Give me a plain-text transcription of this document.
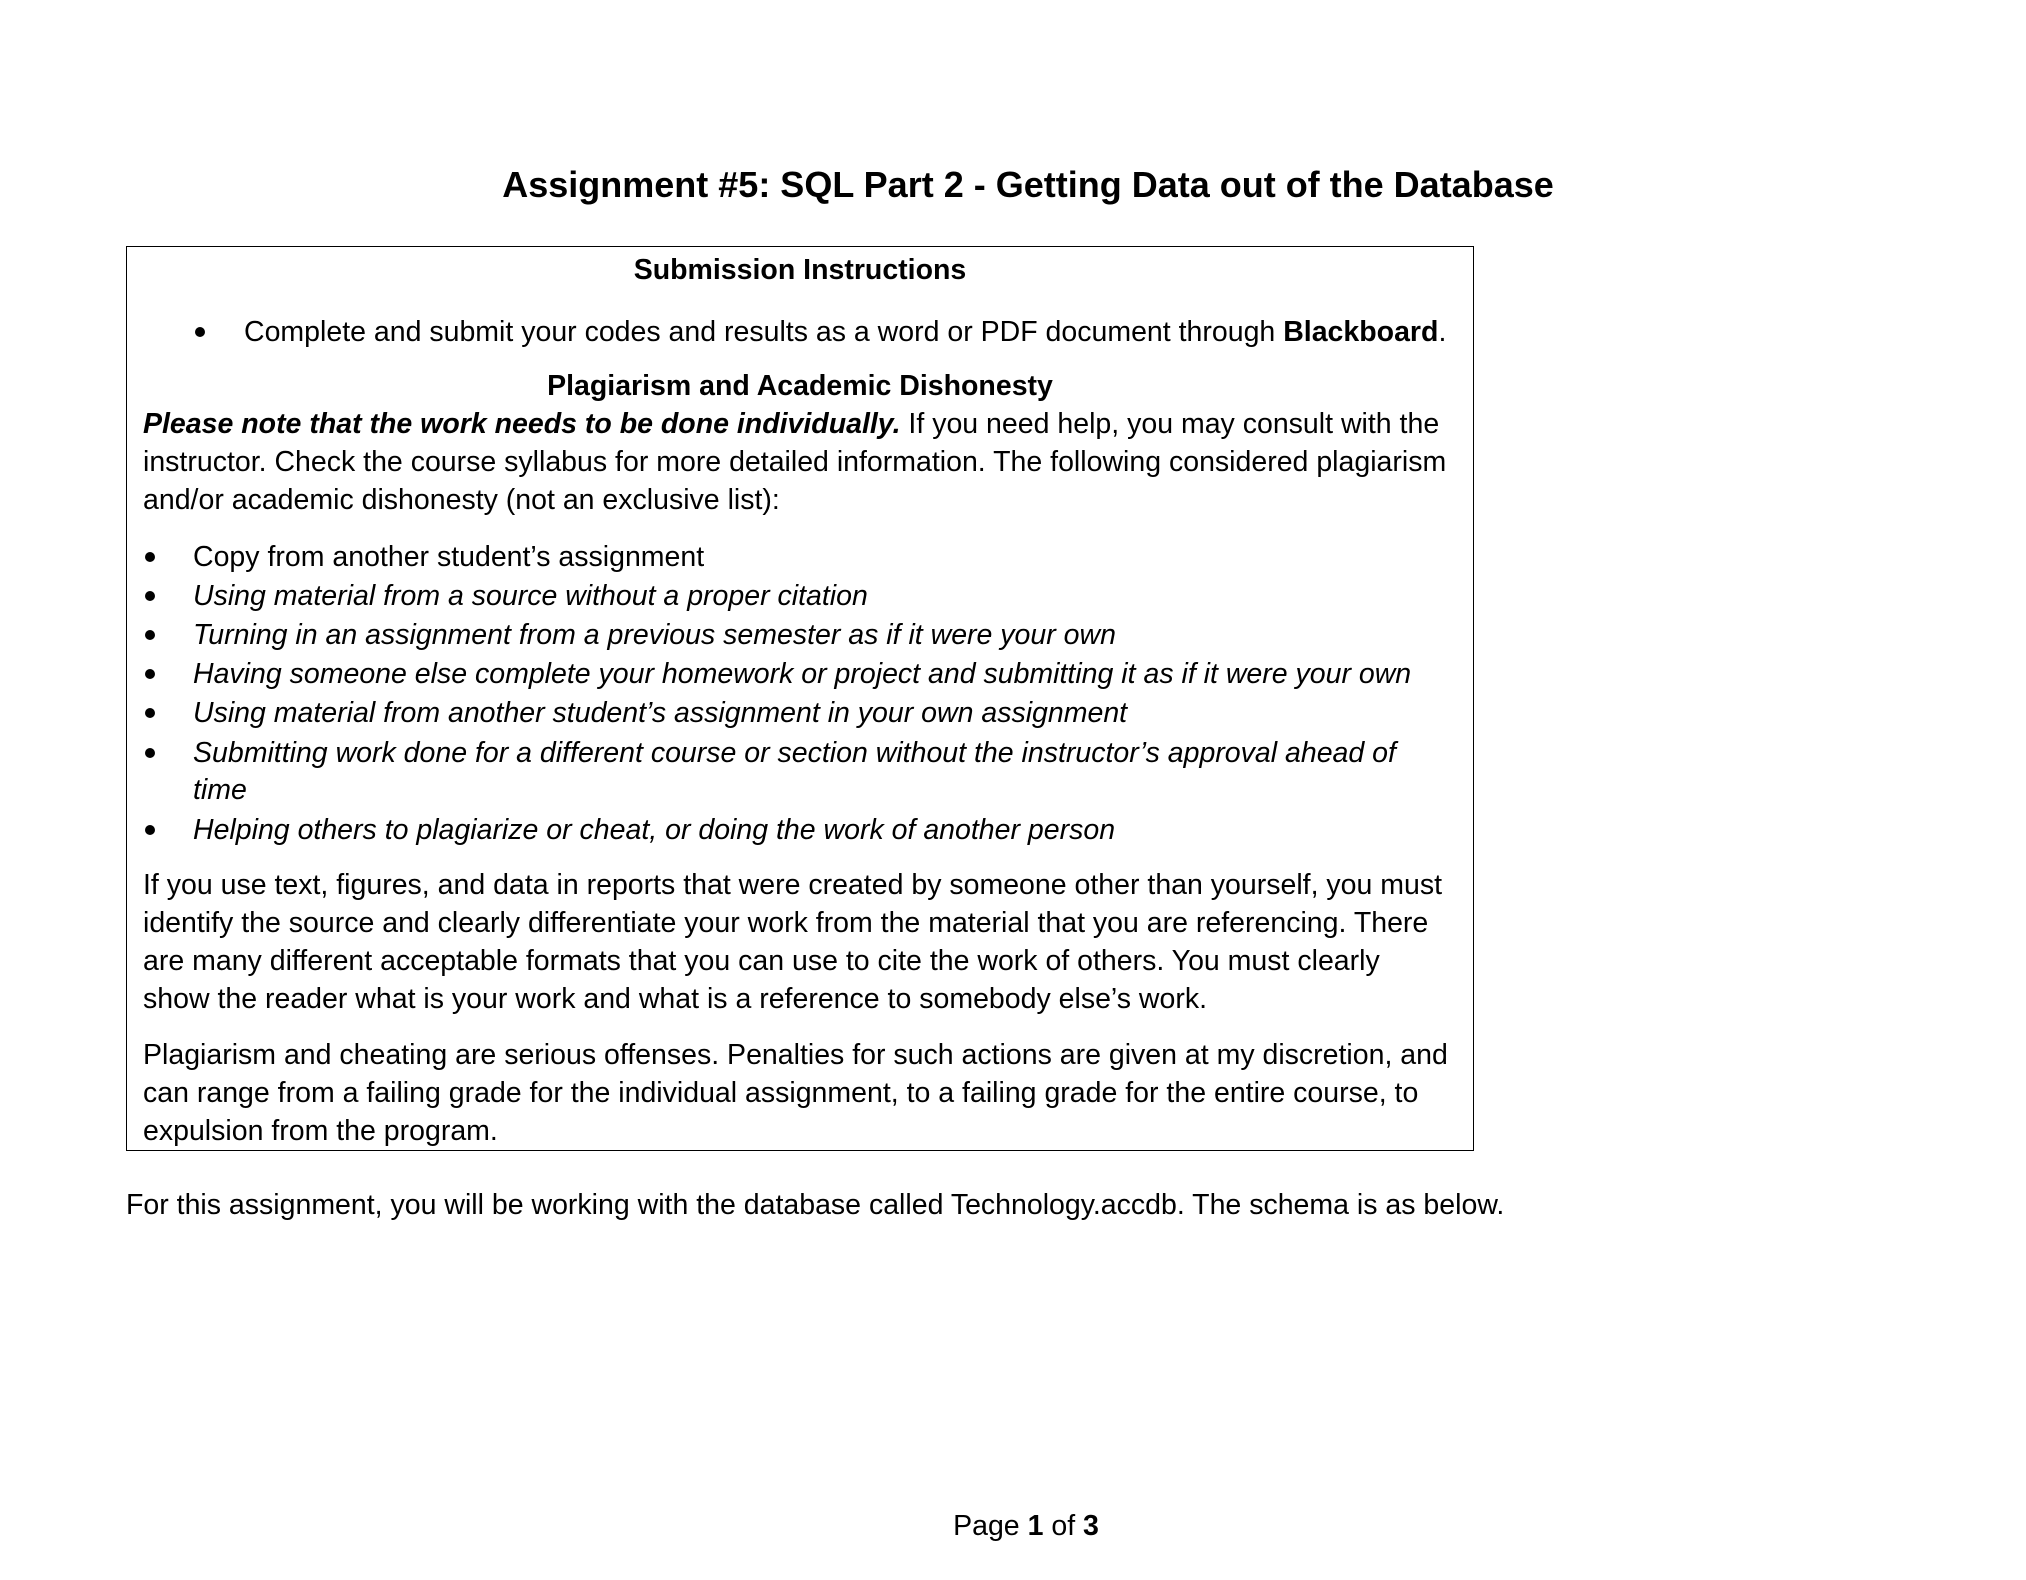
Assignment #5: SQL Part 2 - Getting Data out of the Database
Submission Instructions
Complete and submit your codes and results as a word or PDF document through Blackboard.
Plagiarism and Academic Dishonesty
Please note that the work needs to be done individually. If you need help, you may consult with the
instructor. Check the course syllabus for more detailed information. The following considered plagiarism
and/or academic dishonesty (not an exclusive list):
Copy from another student’s assignment
Using material from a source without a proper citation
Turning in an assignment from a previous semester as if it were your own
Having someone else complete your homework or project and submitting it as if it were your own
Using material from another student’s assignment in your own assignment
Submitting work done for a different course or section without the instructor’s approval ahead of
time
Helping others to plagiarize or cheat, or doing the work of another person
If you use text, figures, and data in reports that were created by someone other than yourself, you must
identify the source and clearly differentiate your work from the material that you are referencing. There
are many different acceptable formats that you can use to cite the work of others. You must clearly
show the reader what is your work and what is a reference to somebody else’s work.
Plagiarism and cheating are serious offenses. Penalties for such actions are given at my discretion, and
can range from a failing grade for the individual assignment, to a failing grade for the entire course, to
expulsion from the program.
For this assignment, you will be working with the database called Technology.accdb. The schema is as below.
Page 1 of 3
